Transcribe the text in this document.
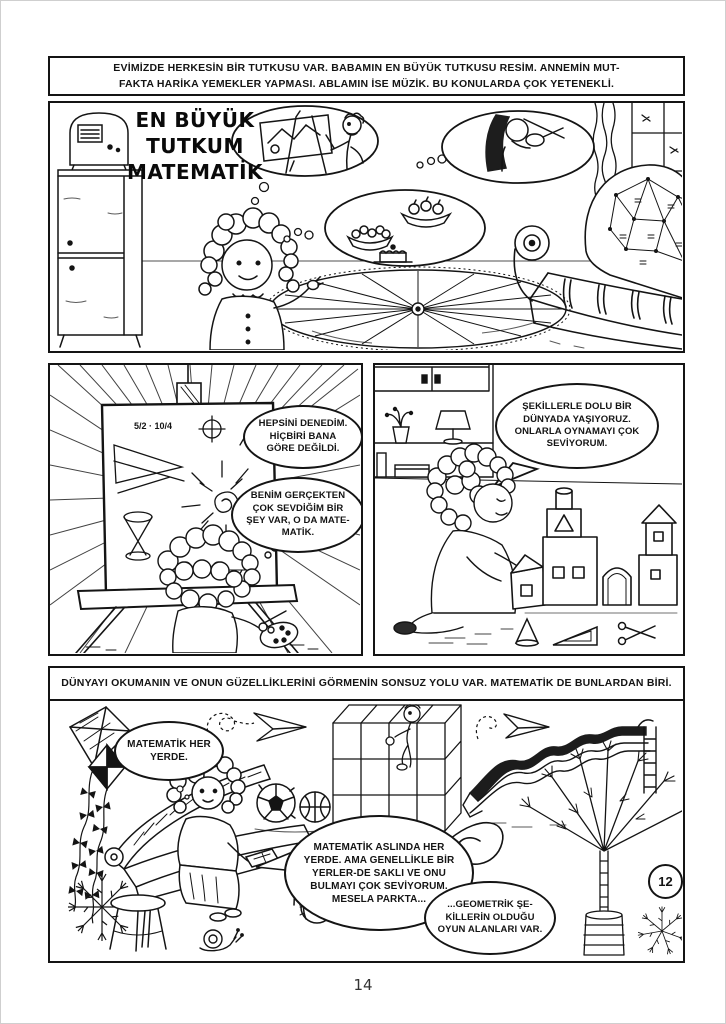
EVİMİZDE HERKESİN BİR TUTKUSU VAR. BABAMIN EN BÜYÜK TUTKUSU RESİM. ANNEMİN MUT-
FAKTA HARİKA YEMEKLER YAPMASI. ABLAMIN İSE MÜZİK. BU KONULARDA ÇOK YETENEKLİ.
EN BÜYÜK
TUTKUM
MATEMATİK
5/2 · 10/4	HEPSİNİ DENEDİM. HİÇBİRİ BANA GÖRE DEĞİLDİ.
BENİM GERÇEKTEN ÇOK SEVDİĞİM BİR ŞEY VAR, O DA MATE-MATİK.
ŞEKİLLERLE DOLU BİR DÜNYADA YAŞIYORUZ. ONLARLA OYNAMAYI ÇOK SEVİYORUM.
DÜNYAYI OKUMANIN VE ONUN GÜZELLİKLERİNİ GÖRMENİN SONSUZ YOLU VAR. MATEMATİK DE BUNLARDAN BİRİ.
MATEMATİK HER YERDE.
MATEMATİK ASLINDA HER YERDE. AMA GENELLİKLE BİR YERLER-DE SAKLI VE ONU BULMAYI ÇOK SEVİYORUM. MESELA PARKTA...
...GEOMETRİK ŞE-KİLLERİN OLDUĞU OYUN ALANLARI VAR.
12
14
